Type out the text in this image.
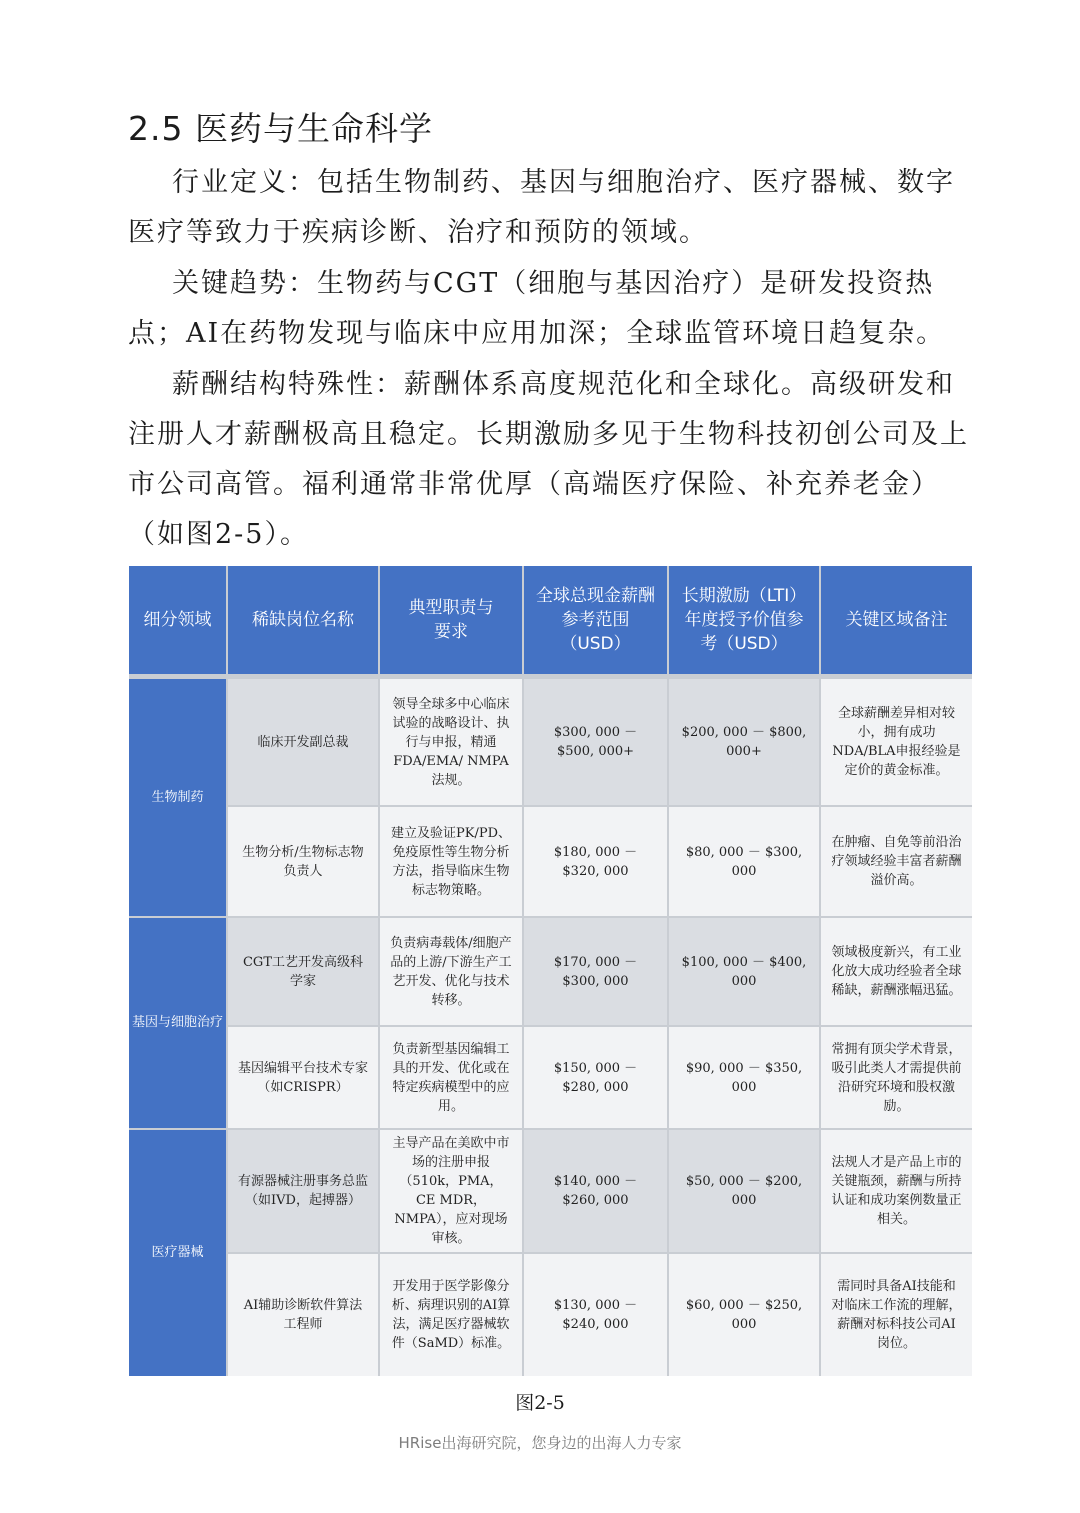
2.5 医药与生命科学

行业定义：包括生物制药、基因与细胞治疗、医疗器械、数字医疗等致力于疾病诊断、治疗和预防的领域。

关键趋势：生物药与CGT（细胞与基因治疗）是研发投资热点；AI在药物发现与临床中应用加深；全球监管环境日趋复杂。

薪酬结构特殊性：薪酬体系高度规范化和全球化。高级研发和注册人才薪酬极高且稳定。长期激励多见于生物科技初创公司及上市公司高管。福利通常非常优厚（高端医疗保险、补充养老金）（如图2-5）。

细分领域	稀缺岗位名称
典型职责与要求
全球总现金薪酬参考范围（USD）
长期激励（LTI）年度授予价值参考（USD）
关键区域备注
生物制药
基因与细胞治疗
医疗器械
临床开发副总裁
领导全球多中心临床试验的战略设计、执行与申报，精通FDA/EMA/ NMPA法规。
$300, 000 － $500, 000+
$200, 000 － $800, 000+
全球薪酬差异相对较小，拥有成功NDA/BLA申报经验是定价的黄金标准。
生物分析/生物标志物负责人
建立及验证PK/PD、免疫原性等生物分析方法，指导临床生物标志物策略。
$180, 000 － $320, 000
$80, 000 － $300, 000
在肿瘤、自免等前沿治疗领域经验丰富者薪酬溢价高。
CGT工艺开发高级科学家
负责病毒载体/细胞产品的上游/下游生产工艺开发、优化与技术转移。
$170, 000 － $300, 000
$100, 000 － $400, 000
领域极度新兴，有工业化放大成功经验者全球稀缺，薪酬涨幅迅猛。
基因编辑平台技术专家（如CRISPR）
负责新型基因编辑工具的开发、优化或在特定疾病模型中的应用。
$150, 000 － $280, 000
$90, 000 － $350, 000
常拥有顶尖学术背景，吸引此类人才需提供前沿研究环境和股权激励。
有源器械注册事务总监（如IVD，起搏器）
主导产品在美欧中市场的注册申报（510k，PMA，CE MDR，NMPA），应对现场审核。
$140, 000 － $260, 000
$50, 000 － $200, 000
法规人才是产品上市的关键瓶颈，薪酬与所持认证和成功案例数量正相关。
AI辅助诊断软件算法工程师
开发用于医学影像分析、病理识别的AI算法，满足医疗器械软件（SaMD）标准。
$130, 000 － $240, 000
$60, 000 － $250, 000
需同时具备AI技能和对临床工作流的理解，薪酬对标科技公司AI岗位。
图2-5
HRise出海研究院，您身边的出海人力专家
